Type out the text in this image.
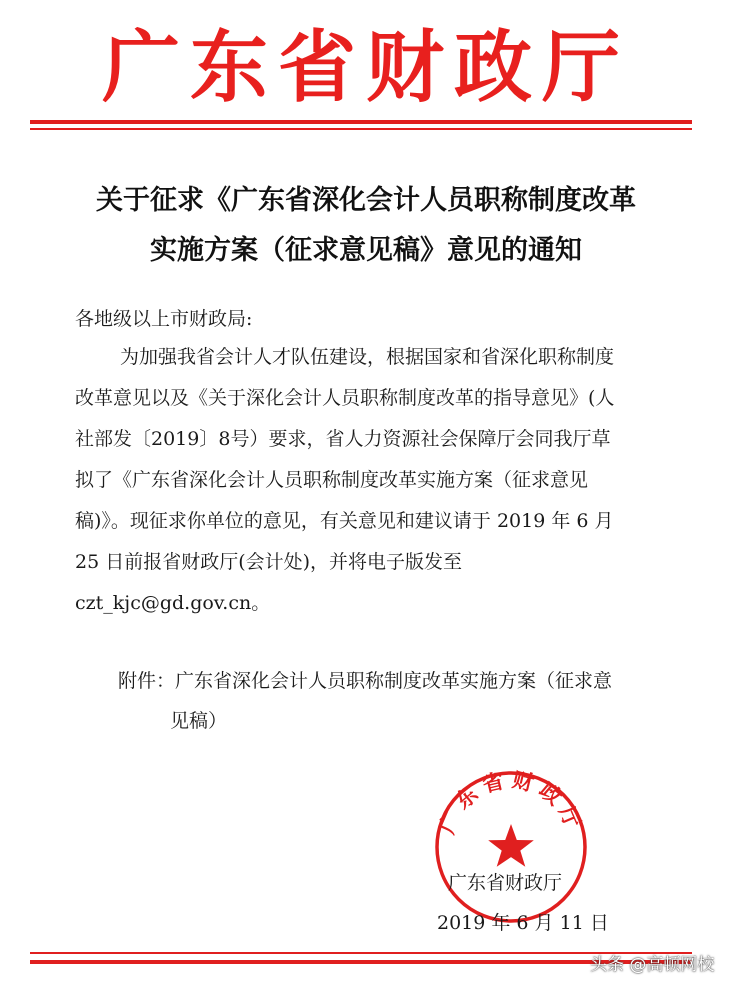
广东省财政厅
关于征求《广东省深化会计人员职称制度改革
实施方案（征求意见稿》意见的通知
各地级以上市财政局:
为加强我省会计人才队伍建设，根据国家和省深化职称制度
改革意见以及《关于深化会计人员职称制度改革的指导意见》(人
社部发〔2019〕8号）要求，省人力资源社会保障厅会同我厅草
拟了《广东省深化会计人员职称制度改革实施方案（征求意见
稿)》。现征求你单位的意见，有关意见和建议请于 2019 年 6 月
25 日前报省财政厅(会计处)，并将电子版发至
czt_kjc@gd.gov.cn。
附件：广东省深化会计人员职称制度改革实施方案（征求意
见稿）
广东省财政厅
广东省财政厅
2019 年 6 月 11 日
头条 @高顿网校
